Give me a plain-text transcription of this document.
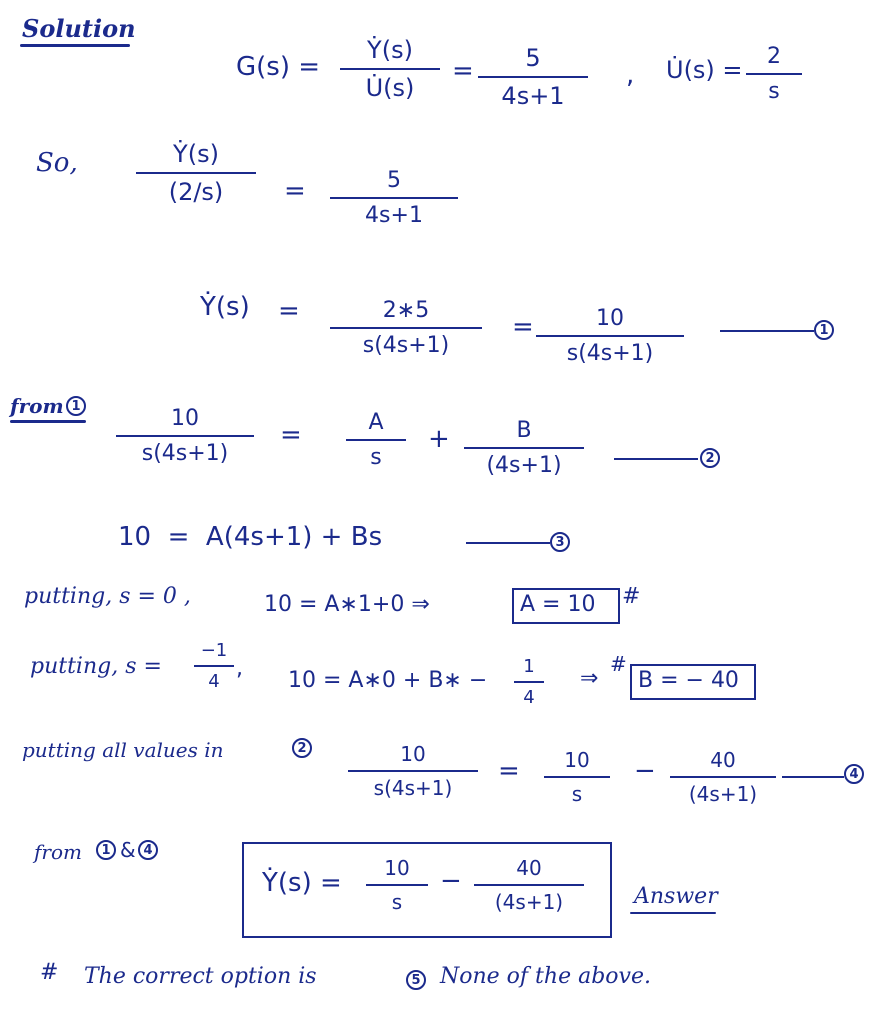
Solution
G(s) =
Ẏ(s)
U̇(s)
= 5
4s+1
, U̇(s) = 2
s
So,	Ẏ(s)
(2/s) =	5
4s+1
Ẏ(s) =	2∗5
s(4s+1)
=	10
s(4s+1)
1
from 1	10
s(4s+1)
=	A
s
+	B
(4s+1)	2
10  =  A(4s+1) + Bs	3
putting, s = 0 ,	10 = A∗1+0 ⇒	A = 10 #
putting, s =
−1
4
, 10 = A∗0 + B∗ −
1
4
⇒
#
B = − 40
putting all values in	2	10
s(4s+1)
=	10
s
−	40
(4s+1)
4
from	1 & 4
Ẏ(s) =	10
s
−	40
(4s+1)	Answer
# The correct option is	5 None of the above.
